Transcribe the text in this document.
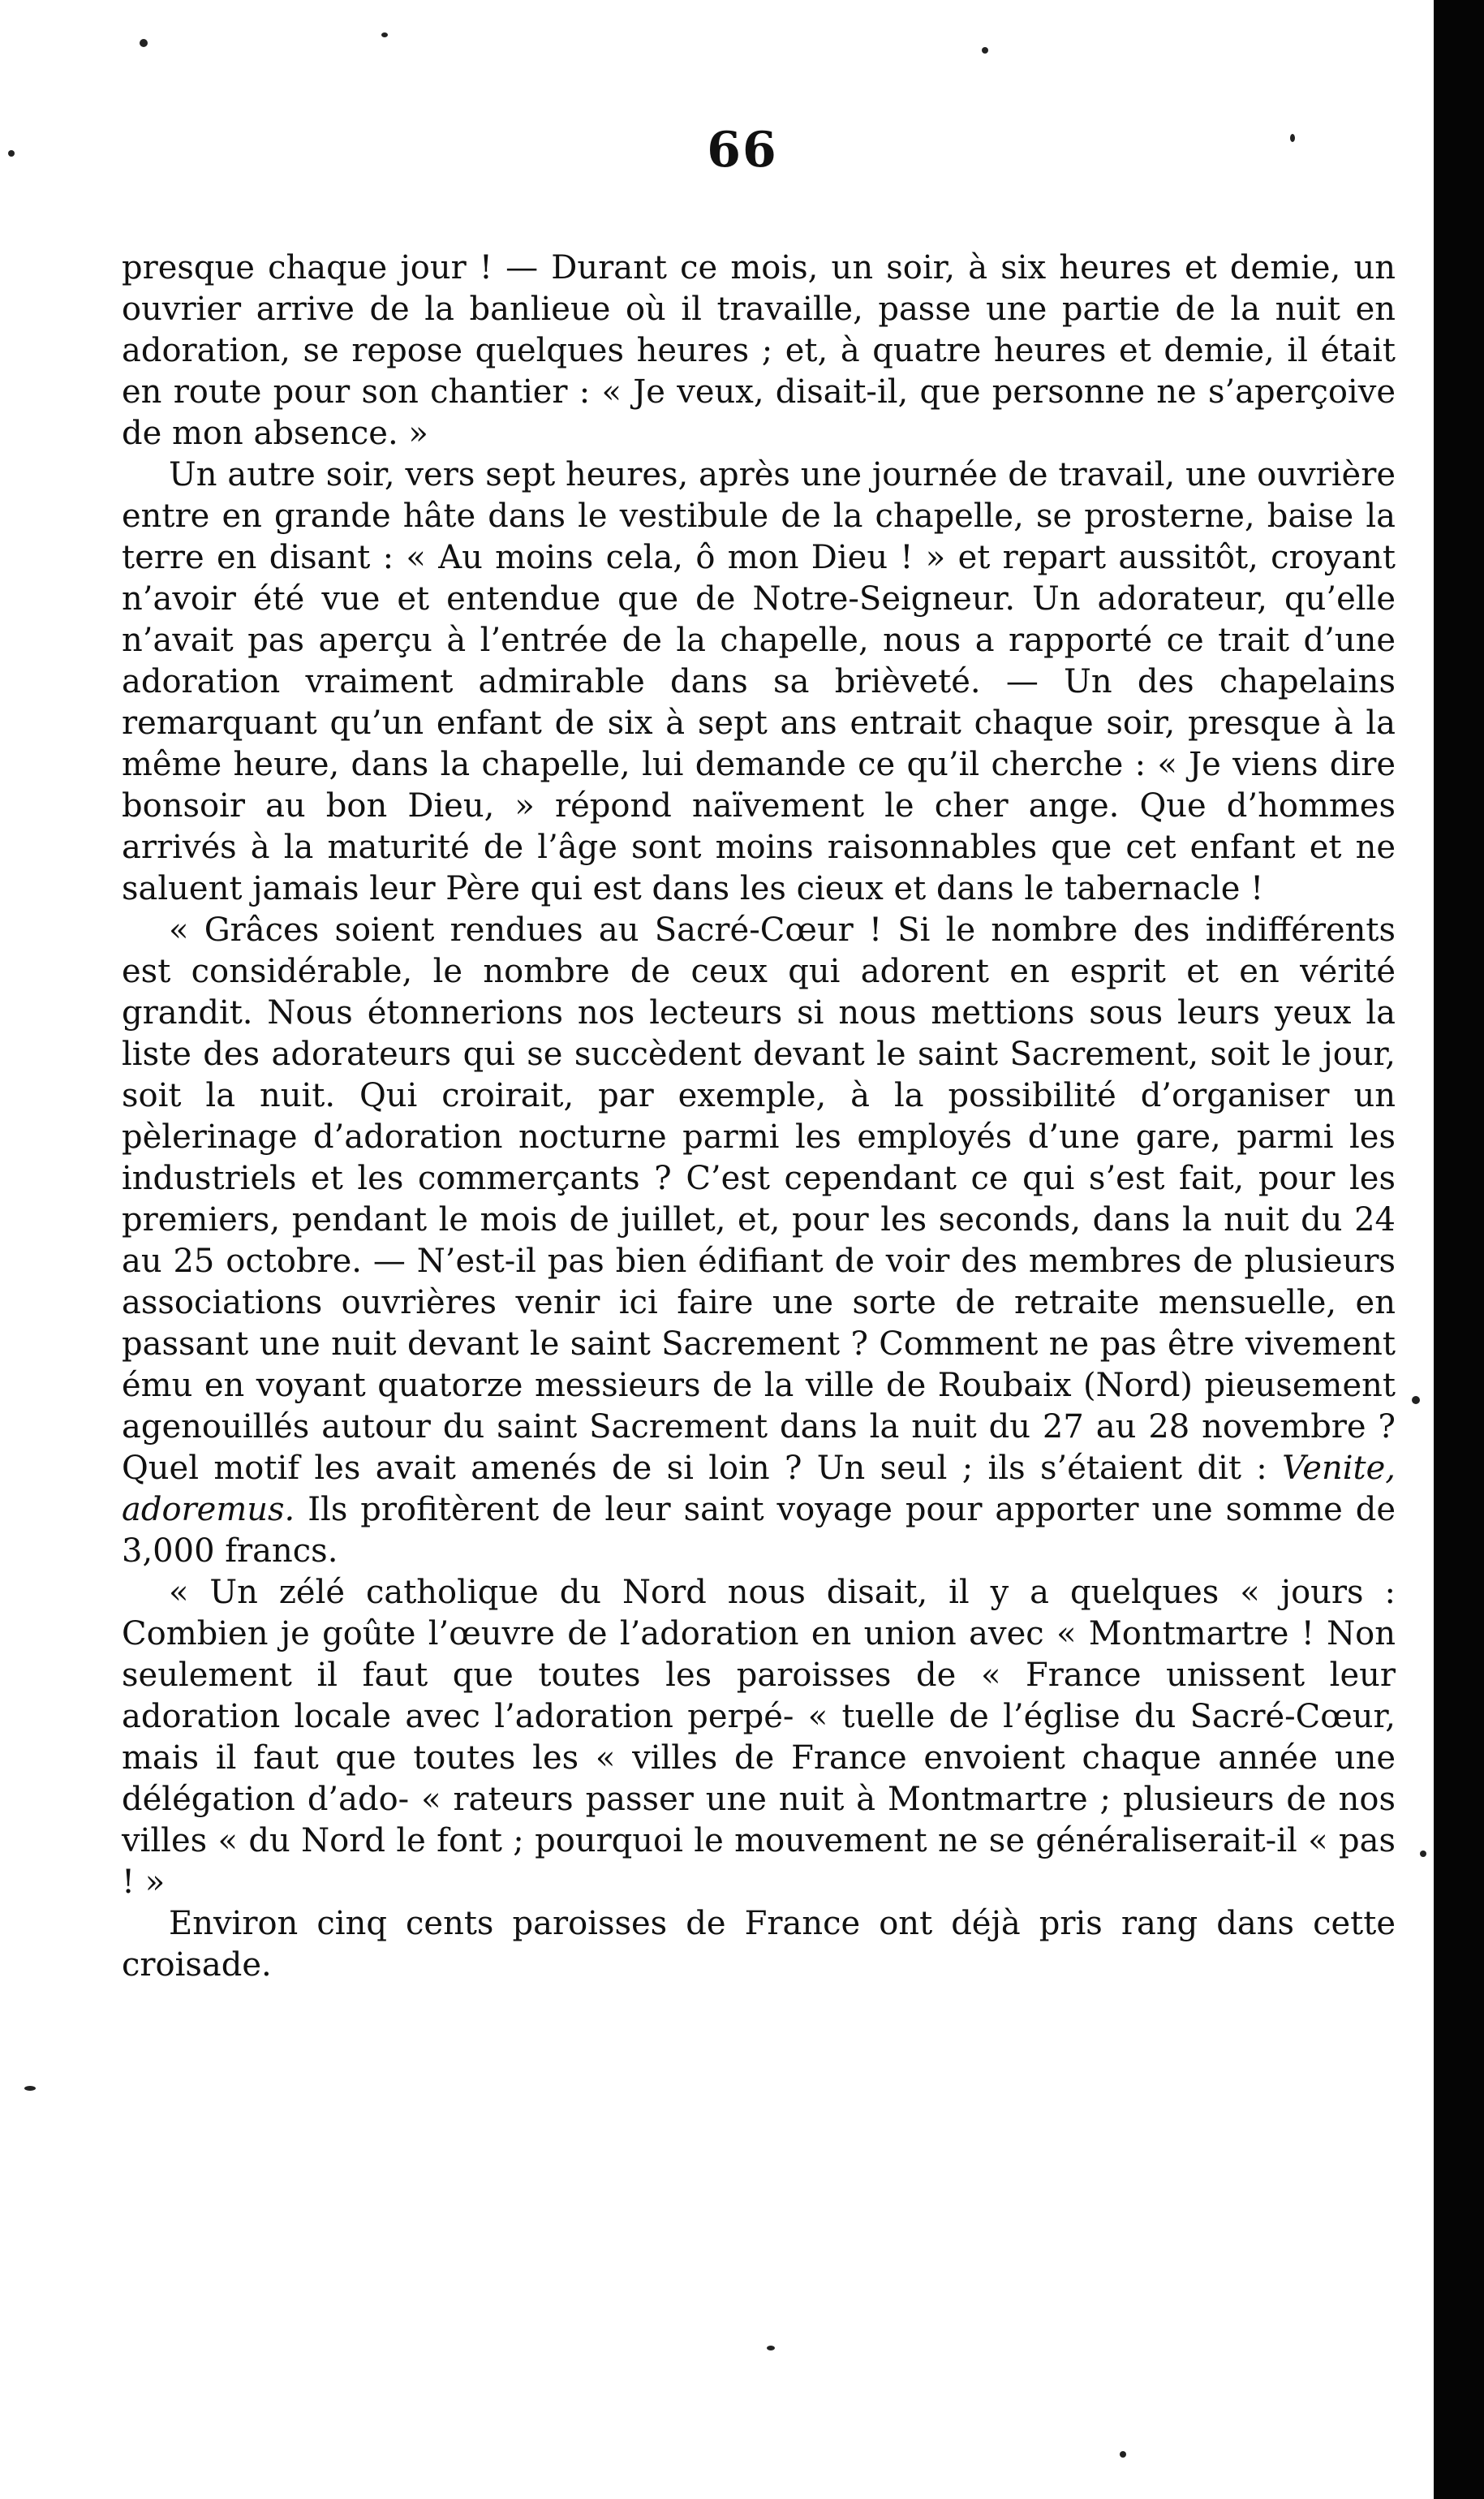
66

presque chaque jour ! — Durant ce mois, un soir, à six heures et demie, un ouvrier arrive de la banlieue où il travaille, passe une partie de la nuit en adoration, se repose quelques heures ; et, à quatre heures et demie, il était en route pour son chantier : « Je veux, disait-il, que personne ne s’aperçoive de mon absence. »

Un autre soir, vers sept heures, après une journée de travail, une ouvrière entre en grande hâte dans le vestibule de la chapelle, se prosterne, baise la terre en disant : « Au moins cela, ô mon Dieu ! » et repart aussitôt, croyant n’avoir été vue et entendue que de Notre-Seigneur. Un adorateur, qu’elle n’avait pas aperçu à l’entrée de la chapelle, nous a rapporté ce trait d’une adoration vraiment admirable dans sa brièveté. — Un des chapelains remarquant qu’un enfant de six à sept ans entrait chaque soir, presque à la même heure, dans la chapelle, lui demande ce qu’il cherche : « Je viens dire bonsoir au bon Dieu, » répond naïvement le cher ange. Que d’hommes arrivés à la maturité de l’âge sont moins raisonnables que cet enfant et ne saluent jamais leur Père qui est dans les cieux et dans le tabernacle !

« Grâces soient rendues au Sacré-Cœur ! Si le nombre des indifférents est considérable, le nombre de ceux qui adorent en esprit et en vérité grandit. Nous étonnerions nos lecteurs si nous mettions sous leurs yeux la liste des adorateurs qui se succèdent devant le saint Sacrement, soit le jour, soit la nuit. Qui croirait, par exemple, à la possibilité d’organiser un pèlerinage d’adoration nocturne parmi les employés d’une gare, parmi les industriels et les commerçants ? C’est cependant ce qui s’est fait, pour les premiers, pendant le mois de juillet, et, pour les seconds, dans la nuit du 24 au 25 octobre. — N’est-il pas bien édifiant de voir des membres de plusieurs associations ouvrières venir ici faire une sorte de retraite mensuelle, en passant une nuit devant le saint Sacrement ? Comment ne pas être vivement ému en voyant quatorze messieurs de la ville de Roubaix (Nord) pieusement agenouillés autour du saint Sacrement dans la nuit du 27 au 28 novembre ? Quel motif les avait amenés de si loin ? Un seul ; ils s’étaient dit : Venite, adoremus. Ils profitèrent de leur saint voyage pour apporter une somme de 3,000 francs.

« Un zélé catholique du Nord nous disait, il y a quelques « jours : Combien je goûte l’œuvre de l’adoration en union avec « Montmartre ! Non seulement il faut que toutes les paroisses de « France unissent leur adoration locale avec l’adoration perpé- « tuelle de l’église du Sacré-Cœur, mais il faut que toutes les « villes de France envoient chaque année une délégation d’ado- « rateurs passer une nuit à Montmartre ; plusieurs de nos villes « du Nord le font ; pourquoi le mouvement ne se généraliserait-il « pas ! »

Environ cinq cents paroisses de France ont déjà pris rang dans cette croisade.
